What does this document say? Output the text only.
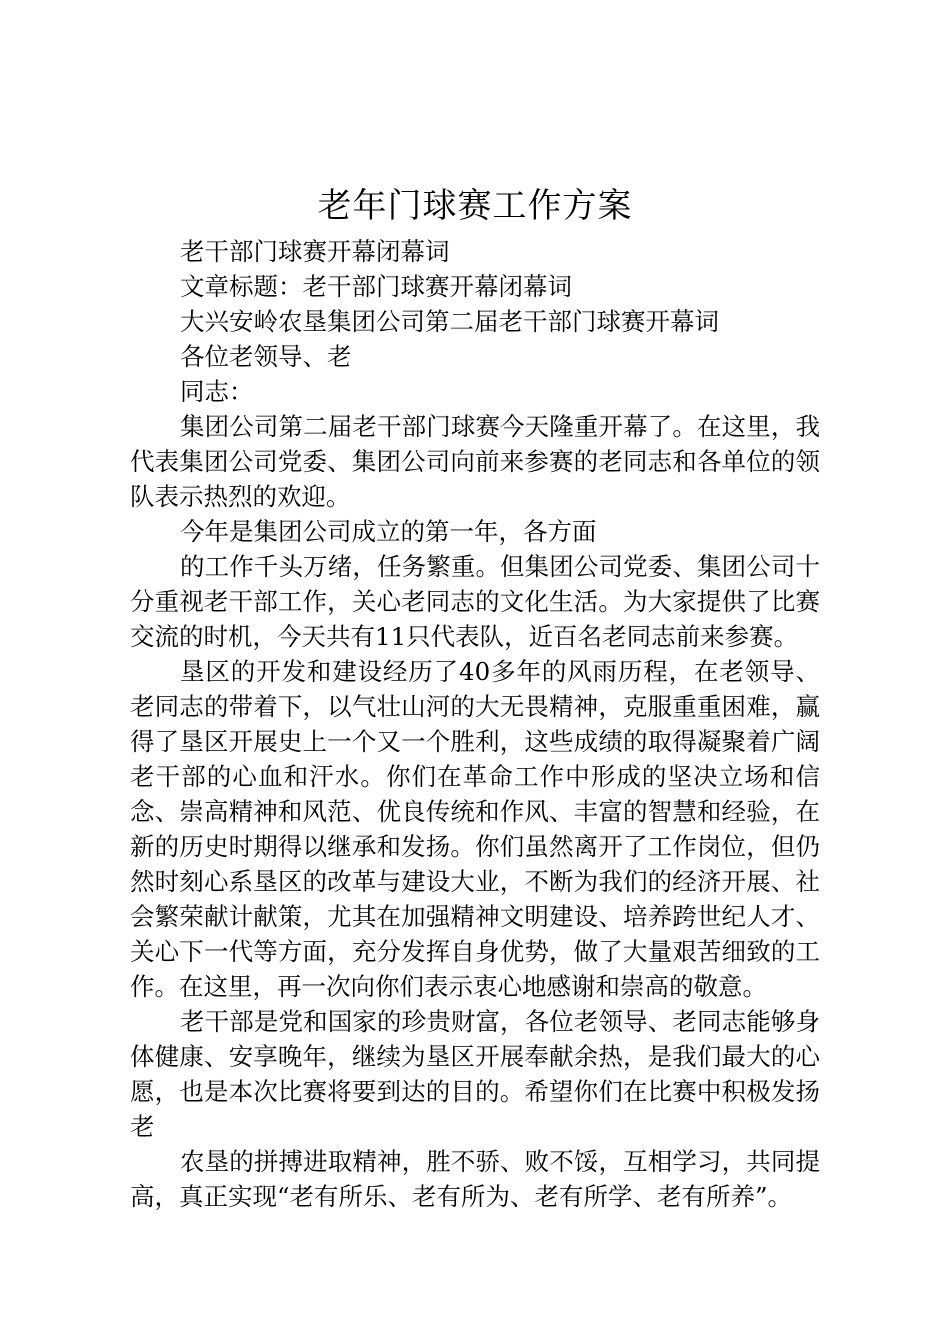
老年门球赛工作方案

老干部门球赛开幕闭幕词

文章标题：老干部门球赛开幕闭幕词

大兴安岭农垦集团公司第二届老干部门球赛开幕词

各位老领导、老

同志：

集团公司第二届老干部门球赛今天隆重开幕了。在这里，我代表集团公司党委、集团公司向前来参赛的老同志和各单位的领队表示热烈的欢迎。

今年是集团公司成立的第一年，各方面

的工作千头万绪，任务繁重。但集团公司党委、集团公司十分重视老干部工作，关心老同志的文化生活。为大家提供了比赛交流的时机，今天共有11只代表队，近百名老同志前来参赛。

垦区的开发和建设经历了40多年的风雨历程，在老领导、老同志的带着下，以气壮山河的大无畏精神，克服重重困难，赢得了垦区开展史上一个又一个胜利，这些成绩的取得凝聚着广阔老干部的心血和汗水。你们在革命工作中形成的坚决立场和信念、崇高精神和风范、优良传统和作风、丰富的智慧和经验，在新的历史时期得以继承和发扬。你们虽然离开了工作岗位，但仍然时刻心系垦区的改革与建设大业，不断为我们的经济开展、社会繁荣献计献策，尤其在加强精神文明建设、培养跨世纪人才、关心下一代等方面，充分发挥自身优势，做了大量艰苦细致的工作。在这里，再一次向你们表示衷心地感谢和崇高的敬意。

老干部是党和国家的珍贵财富，各位老领导、老同志能够身体健康、安享晚年，继续为垦区开展奉献余热，是我们最大的心愿，也是本次比赛将要到达的目的。希望你们在比赛中积极发扬老

农垦的拼搏进取精神，胜不骄、败不馁，互相学习，共同提高，真正实现“老有所乐、老有所为、老有所学、老有所养”。
